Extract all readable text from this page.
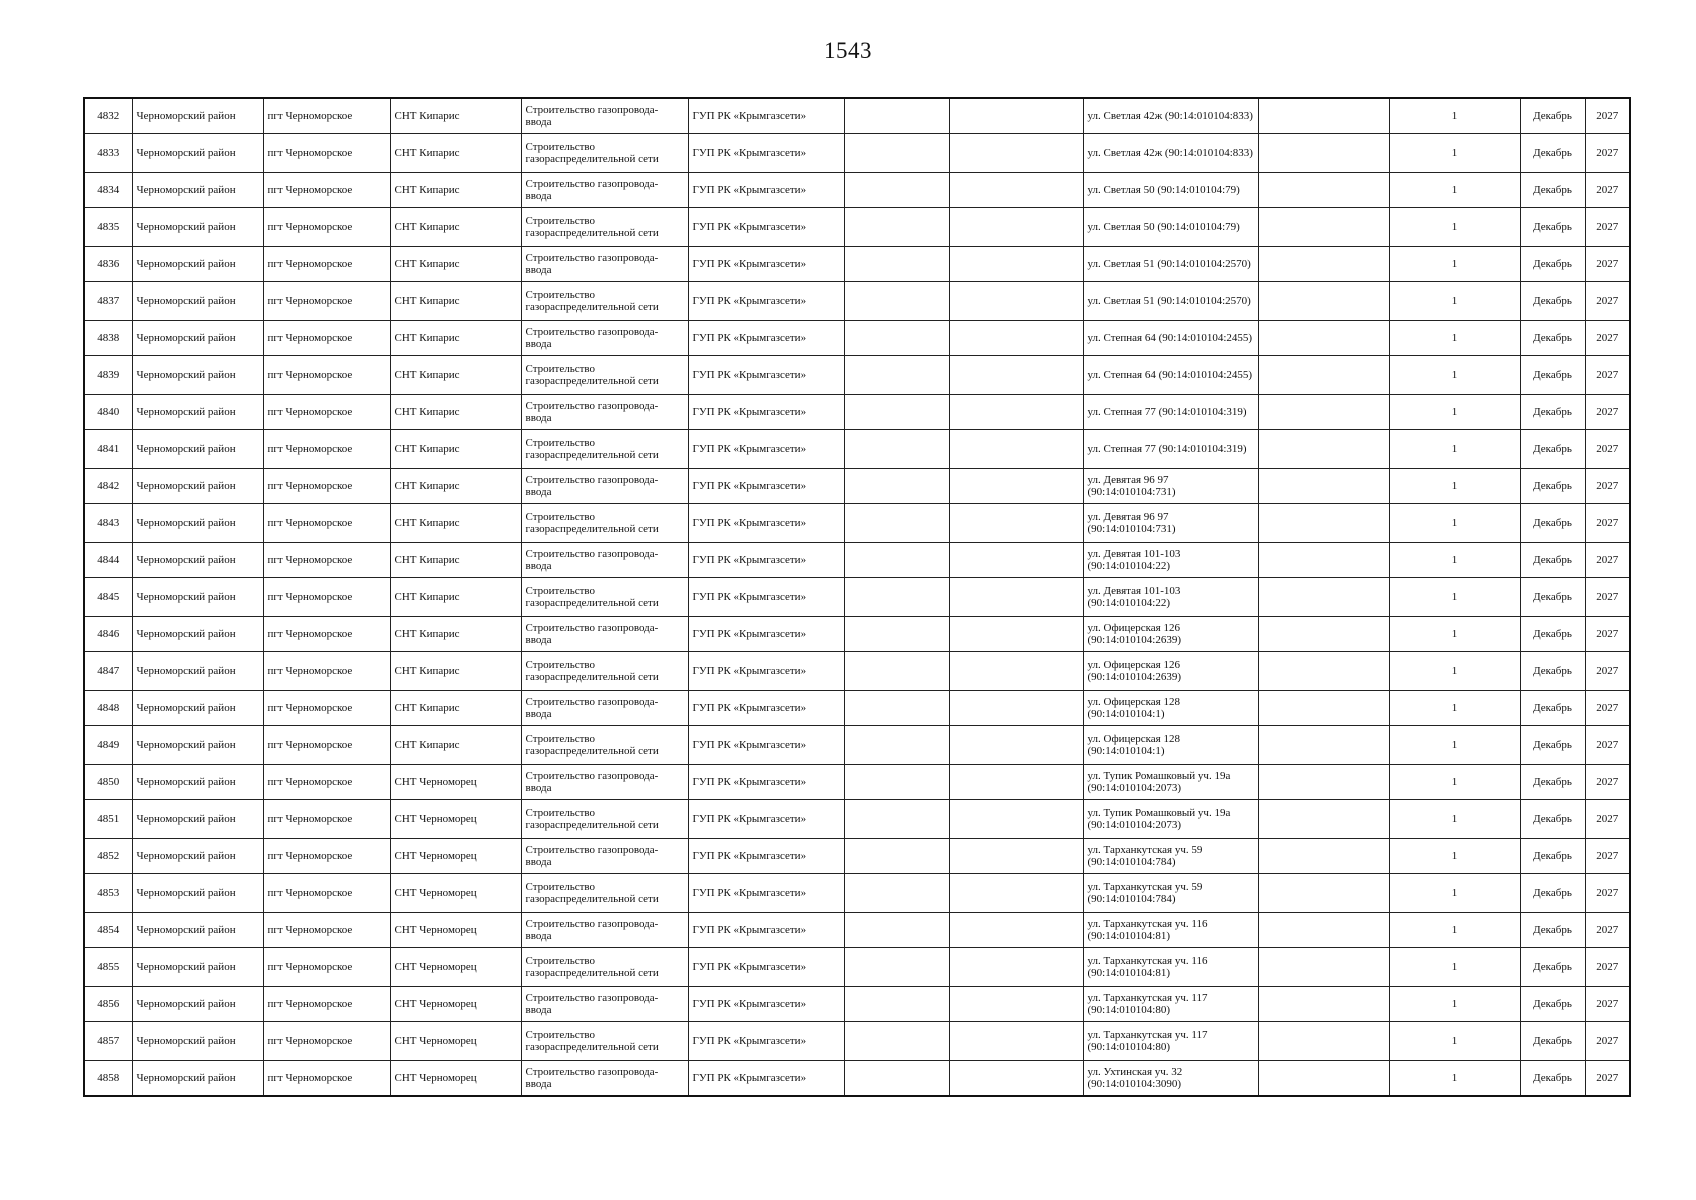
1543
4832	Черноморский район	пгт Черноморское	СНТ Кипарис	Строительство газопровода-ввода	ГУП РК «Крымгазсети»			ул. Светлая 42ж (90:14:010104:833)		1	Декабрь	2027
4833	Черноморский район	пгт Черноморское	СНТ Кипарис	Строительство газораспределительной сети	ГУП РК «Крымгазсети»			ул. Светлая 42ж (90:14:010104:833)		1	Декабрь	2027
4834	Черноморский район	пгт Черноморское	СНТ Кипарис	Строительство газопровода-ввода	ГУП РК «Крымгазсети»			ул. Светлая 50 (90:14:010104:79)		1	Декабрь	2027
4835	Черноморский район	пгт Черноморское	СНТ Кипарис	Строительство газораспределительной сети	ГУП РК «Крымгазсети»			ул. Светлая 50 (90:14:010104:79)		1	Декабрь	2027
4836	Черноморский район	пгт Черноморское	СНТ Кипарис	Строительство газопровода-ввода	ГУП РК «Крымгазсети»			ул. Светлая 51 (90:14:010104:2570)		1	Декабрь	2027
4837	Черноморский район	пгт Черноморское	СНТ Кипарис	Строительство газораспределительной сети	ГУП РК «Крымгазсети»			ул. Светлая 51 (90:14:010104:2570)		1	Декабрь	2027
4838	Черноморский район	пгт Черноморское	СНТ Кипарис	Строительство газопровода-ввода	ГУП РК «Крымгазсети»			ул. Степная 64 (90:14:010104:2455)		1	Декабрь	2027
4839	Черноморский район	пгт Черноморское	СНТ Кипарис	Строительство газораспределительной сети	ГУП РК «Крымгазсети»			ул. Степная 64 (90:14:010104:2455)		1	Декабрь	2027
4840	Черноморский район	пгт Черноморское	СНТ Кипарис	Строительство газопровода-ввода	ГУП РК «Крымгазсети»			ул. Степная 77 (90:14:010104:319)		1	Декабрь	2027
4841	Черноморский район	пгт Черноморское	СНТ Кипарис	Строительство газораспределительной сети	ГУП РК «Крымгазсети»			ул. Степная 77 (90:14:010104:319)		1	Декабрь	2027
4842	Черноморский район	пгт Черноморское	СНТ Кипарис	Строительство газопровода-ввода	ГУП РК «Крымгазсети»			ул. Девятая 96 97 (90:14:010104:731)		1	Декабрь	2027
4843	Черноморский район	пгт Черноморское	СНТ Кипарис	Строительство газораспределительной сети	ГУП РК «Крымгазсети»			ул. Девятая 96 97 (90:14:010104:731)		1	Декабрь	2027
4844	Черноморский район	пгт Черноморское	СНТ Кипарис	Строительство газопровода-ввода	ГУП РК «Крымгазсети»			ул. Девятая 101-103 (90:14:010104:22)		1	Декабрь	2027
4845	Черноморский район	пгт Черноморское	СНТ Кипарис	Строительство газораспределительной сети	ГУП РК «Крымгазсети»			ул. Девятая 101-103 (90:14:010104:22)		1	Декабрь	2027
4846	Черноморский район	пгт Черноморское	СНТ Кипарис	Строительство газопровода-ввода	ГУП РК «Крымгазсети»			ул. Офицерская 126 (90:14:010104:2639)		1	Декабрь	2027
4847	Черноморский район	пгт Черноморское	СНТ Кипарис	Строительство газораспределительной сети	ГУП РК «Крымгазсети»			ул. Офицерская 126 (90:14:010104:2639)		1	Декабрь	2027
4848	Черноморский район	пгт Черноморское	СНТ Кипарис	Строительство газопровода-ввода	ГУП РК «Крымгазсети»			ул. Офицерская 128 (90:14:010104:1)		1	Декабрь	2027
4849	Черноморский район	пгт Черноморское	СНТ Кипарис	Строительство газораспределительной сети	ГУП РК «Крымгазсети»			ул. Офицерская 128 (90:14:010104:1)		1	Декабрь	2027
4850	Черноморский район	пгт Черноморское	СНТ Черноморец	Строительство газопровода-ввода	ГУП РК «Крымгазсети»			ул. Тупик Ромашковый уч. 19а (90:14:010104:2073)		1	Декабрь	2027
4851	Черноморский район	пгт Черноморское	СНТ Черноморец	Строительство газораспределительной сети	ГУП РК «Крымгазсети»			ул. Тупик Ромашковый уч. 19а (90:14:010104:2073)		1	Декабрь	2027
4852	Черноморский район	пгт Черноморское	СНТ Черноморец	Строительство газопровода-ввода	ГУП РК «Крымгазсети»			ул. Тарханкутская уч. 59 (90:14:010104:784)		1	Декабрь	2027
4853	Черноморский район	пгт Черноморское	СНТ Черноморец	Строительство газораспределительной сети	ГУП РК «Крымгазсети»			ул. Тарханкутская уч. 59 (90:14:010104:784)		1	Декабрь	2027
4854	Черноморский район	пгт Черноморское	СНТ Черноморец	Строительство газопровода-ввода	ГУП РК «Крымгазсети»			ул. Тарханкутская уч. 116 (90:14:010104:81)		1	Декабрь	2027
4855	Черноморский район	пгт Черноморское	СНТ Черноморец	Строительство газораспределительной сети	ГУП РК «Крымгазсети»			ул. Тарханкутская уч. 116 (90:14:010104:81)		1	Декабрь	2027
4856	Черноморский район	пгт Черноморское	СНТ Черноморец	Строительство газопровода-ввода	ГУП РК «Крымгазсети»			ул. Тарханкутская уч. 117 (90:14:010104:80)		1	Декабрь	2027
4857	Черноморский район	пгт Черноморское	СНТ Черноморец	Строительство газораспределительной сети	ГУП РК «Крымгазсети»			ул. Тарханкутская уч. 117 (90:14:010104:80)		1	Декабрь	2027
4858	Черноморский район	пгт Черноморское	СНТ Черноморец	Строительство газопровода-ввода	ГУП РК «Крымгазсети»			ул. Ухтинская уч. 32 (90:14:010104:3090)		1	Декабрь	2027
